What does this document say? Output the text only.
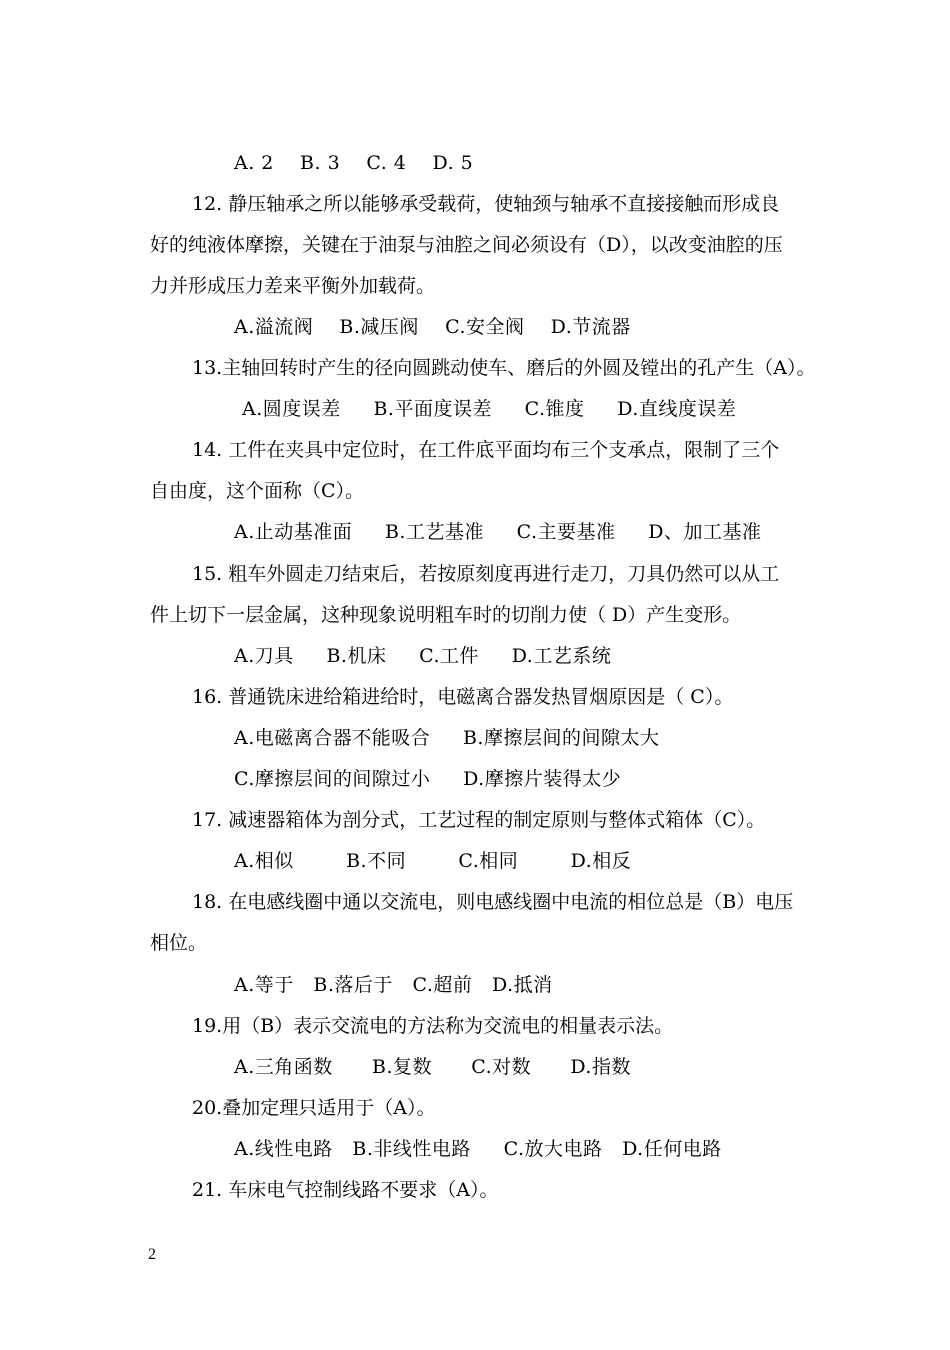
A. 2    B. 3    C. 4    D. 5
12. 静压轴承之所以能够承受载荷，使轴颈与轴承不直接接触而形成良
好的纯液体摩擦，关键在于油泵与油腔之间必须设有（D），以改变油腔的压
力并形成压力差来平衡外加载荷。
A.溢流阀    B.减压阀    C.安全阀    D.节流器
13.主轴回转时产生的径向圆跳动使车、磨后的外圆及镗出的孔产生（A）。
A.圆度误差     B.平面度误差     C.锥度     D.直线度误差
14. 工件在夹具中定位时，在工件底平面均布三个支承点，限制了三个
自由度，这个面称（C）。
A.止动基准面     B.工艺基准     C.主要基准     D、加工基准
15. 粗车外圆走刀结束后，若按原刻度再进行走刀，刀具仍然可以从工
件上切下一层金属，这种现象说明粗车时的切削力使（ D）产生变形。
A.刀具     B.机床     C.工件     D.工艺系统
16. 普通铣床进给箱进给时，电磁离合器发热冒烟原因是（ C）。
A.电磁离合器不能吸合     B.摩擦层间的间隙太大
C.摩擦层间的间隙过小     D.摩擦片装得太少
17. 减速器箱体为剖分式，工艺过程的制定原则与整体式箱体（C）。
A.相似        B.不同        C.相同        D.相反
18. 在电感线圈中通以交流电，则电感线圈中电流的相位总是（B）电压
相位。
A.等于   B.落后于   C.超前   D.抵消
19.用（B）表示交流电的方法称为交流电的相量表示法。
A.三角函数      B.复数      C.对数      D.指数
20.叠加定理只适用于（A）。
A.线性电路   B.非线性电路     C.放大电路   D.任何电路
21. 车床电气控制线路不要求（A）。
2
